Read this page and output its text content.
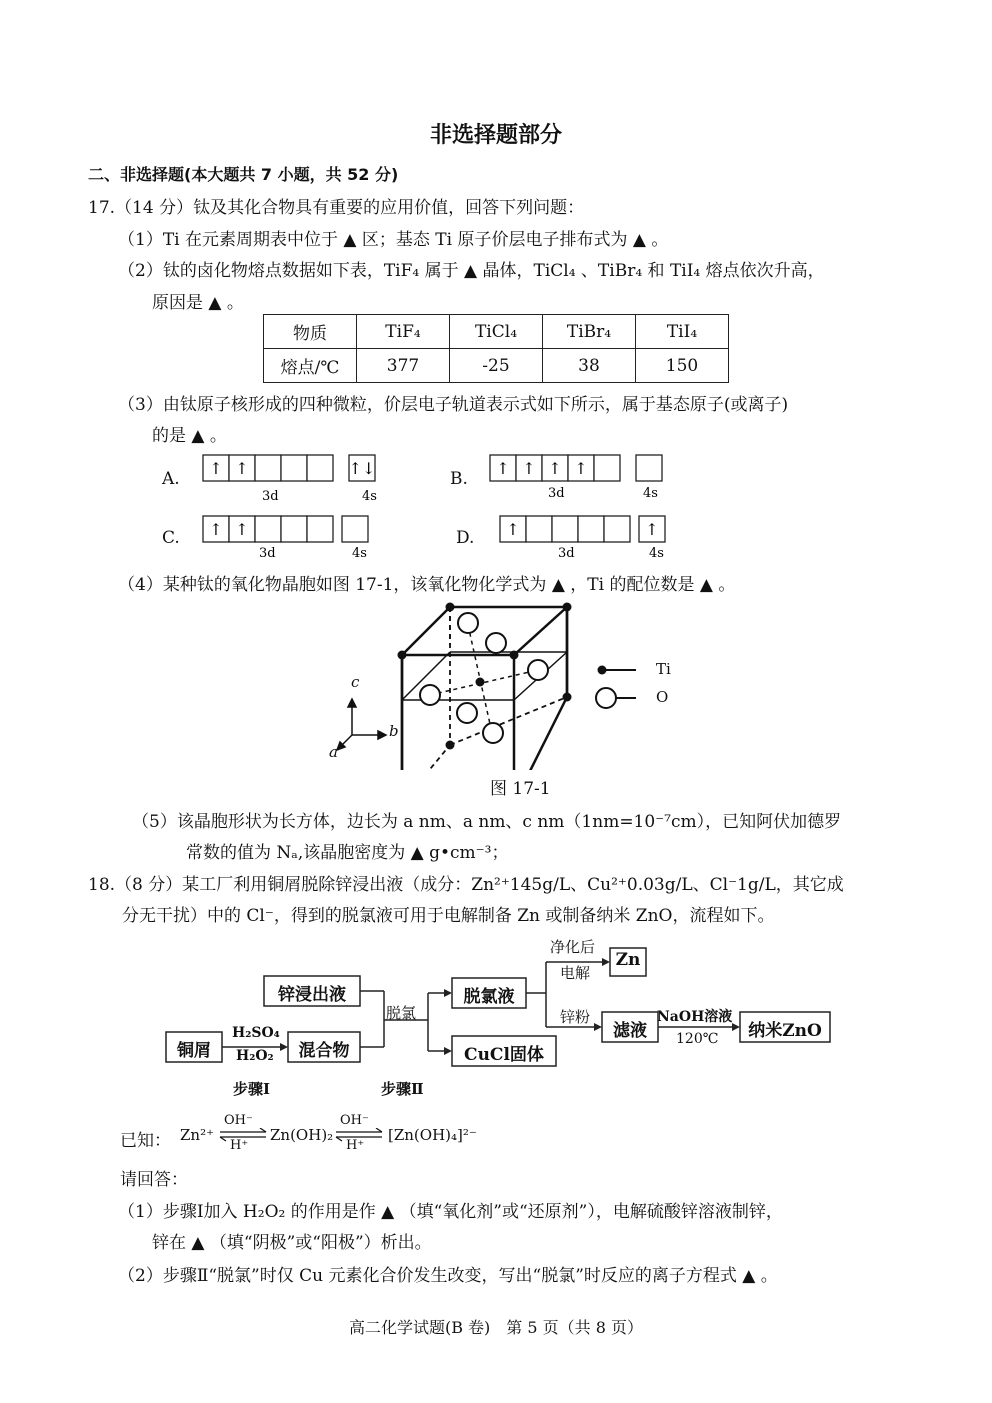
非选择题部分
二、非选择题(本大题共 7 小题，共 52 分)
17.（14 分）钛及其化合物具有重要的应用价值，回答下列问题：
（1）Ti 在元素周期表中位于 ▲ 区；基态 Ti 原子价层电子排布式为 ▲ 。
（2）钛的卤化物熔点数据如下表，TiF₄ 属于 ▲ 晶体，TiCl₄ 、TiBr₄ 和 TiI₄ 熔点依次升高，
原因是 ▲ 。
物质	TiF₄	TiCl₄	TiBr₄	TiI₄
熔点/℃	377	-25	38	150
（3）由钛原子核形成的四种微粒，价层电子轨道表示式如下所示，属于基态原子(或离子)
的是 ▲ 。
A.	B.
C.	D.
↑ ↑	↑↓
3d	4s
↑ ↑ ↑ ↑
3d	4s
↑ ↑
3d	4s
↑	↑
3d	4s
（4）某种钛的氧化物晶胞如图 17-1，该氧化物化学式为 ▲ ，Ti 的配位数是 ▲ 。
c
b
a
Ti
O
图 17-1
（5）该晶胞形状为长方体，边长为 a nm、a nm、c nm（1nm=10⁻⁷cm），已知阿伏加德罗
常数的值为 Nₐ,该晶胞密度为 ▲ g•cm⁻³；
18.（8 分）某工厂利用铜屑脱除锌浸出液（成分：Zn²⁺145g/L、Cu²⁺0.03g/L、Cl⁻1g/L，其它成
分无干扰）中的 Cl⁻，得到的脱氯液可用于电解制备 Zn 或制备纳米 ZnO，流程如下。
锌浸出液
铜屑
H₂SO₄
H₂O₂	混合物
脱氯
脱氯液
CuCl固体
净化后
电解
Zn
锌粉
滤液
NaOH溶液
120℃	纳米ZnO
步骤Ⅰ	步骤Ⅱ
已知： Zn²⁺
OH⁻
H⁺
Zn(OH)₂
OH⁻
H⁺
[Zn(OH)₄]²⁻
请回答：
（1）步骤Ⅰ加入 H₂O₂ 的作用是作 ▲ （填“氧化剂”或“还原剂”），电解硫酸锌溶液制锌，
锌在 ▲ （填“阴极”或“阳极”）析出。
（2）步骤Ⅱ“脱氯”时仅 Cu 元素化合价发生改变，写出“脱氯”时反应的离子方程式 ▲ 。
高二化学试题(B 卷)　第 5 页（共 8 页）
